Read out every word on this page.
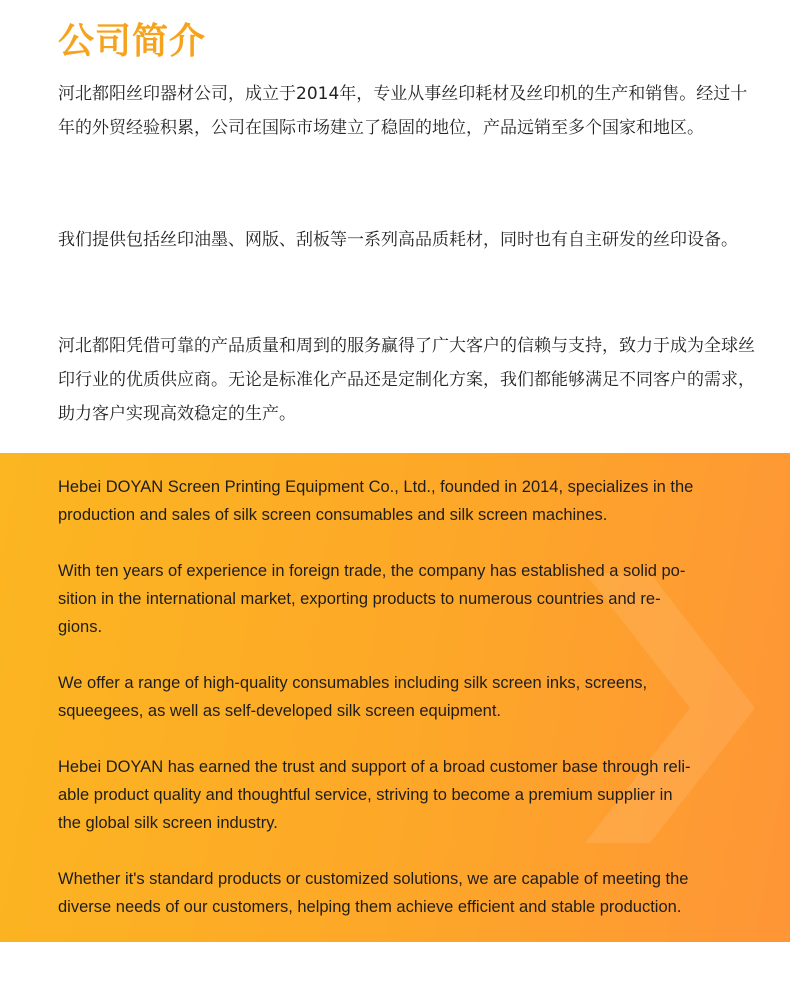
公司简介

河北都阳丝印器材公司，成立于2014年，专业从事丝印耗材及丝印机的生产和销售。经过十年的外贸经验积累，公司在国际市场建立了稳固的地位，产品远销至多个国家和地区。

我们提供包括丝印油墨、网版、刮板等一系列高品质耗材，同时也有自主研发的丝印设备。

河北都阳凭借可靠的产品质量和周到的服务赢得了广大客户的信赖与支持，致力于成为全球丝印行业的优质供应商。无论是标准化产品还是定制化方案，我们都能够满足不同客户的需求，助力客户实现高效稳定的生产。

Hebei DOYAN Screen Printing Equipment Co., Ltd., founded in 2014, specializes in the
production and sales of silk screen consumables and silk screen machines.

With ten years of experience in foreign trade, the company has established a solid po-
sition in the international market, exporting products to numerous countries and re-
gions.

We offer a range of high-quality consumables including silk screen inks, screens,
squeegees, as well as self-developed silk screen equipment.

Hebei DOYAN has earned the trust and support of a broad customer base through reli-
able product quality and thoughtful service, striving to become a premium supplier in
the global silk screen industry.

Whether it's standard products or customized solutions, we are capable of meeting the
diverse needs of our customers, helping them achieve efficient and stable production.
